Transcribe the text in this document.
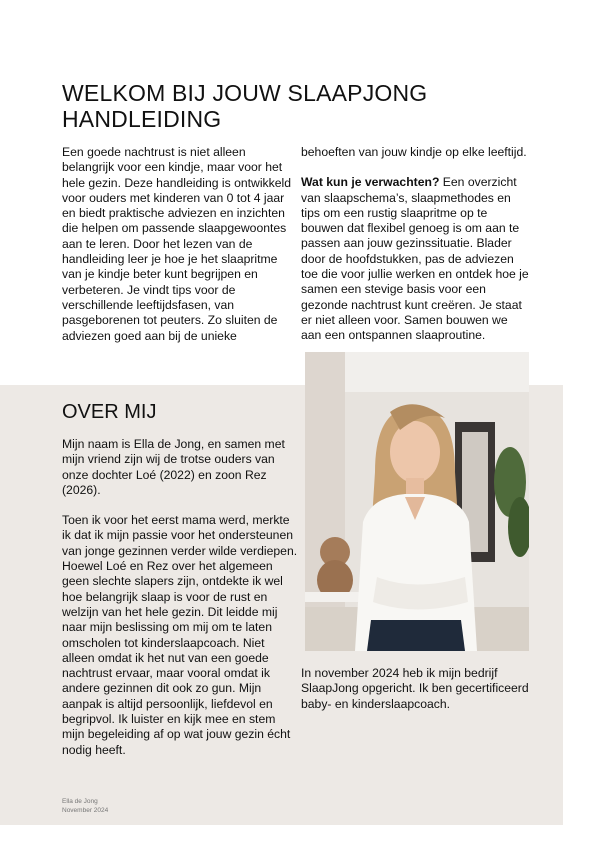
WELKOM BIJ JOUW SLAAPJONG
HANDLEIDING

Een goede nachtrust is niet alleen belangrijk voor een kindje, maar voor het hele gezin. Deze handleiding is ontwikkeld voor ouders met kinderen van 0 tot 4 jaar en biedt praktische adviezen en inzichten die helpen om passende slaapgewoontes aan te leren. Door het lezen van de handleiding leer je hoe je het slaapritme van je kindje beter kunt begrijpen en verbeteren. Je vindt tips voor de verschillende leeftijdsfasen, van pasgeborenen tot peuters. Zo sluiten de adviezen goed aan bij de unieke

behoeften van jouw kindje op elke leeftijd.

Wat kun je verwachten? Een overzicht van slaapschema’s, slaapmethodes en tips om een rustig slaapritme op te bouwen dat flexibel genoeg is om aan te passen aan jouw gezinssituatie. Blader door de hoofdstukken, pas de adviezen toe die voor jullie werken en ontdek hoe je samen een stevige basis voor een gezonde nachtrust kunt creëren. Je staat er niet alleen voor. Samen bouwen we aan een ontspannen slaaproutine.

OVER MIJ

Mijn naam is Ella de Jong, en samen met mijn vriend zijn wij de trotse ouders van onze dochter Loé (2022) en zoon Rez (2026).

Toen ik voor het eerst mama werd, merkte ik dat ik mijn passie voor het ondersteunen van jonge gezinnen verder wilde verdiepen. Hoewel Loé en Rez over het algemeen geen slechte slapers zijn, ontdekte ik wel hoe belangrijk slaap is voor de rust en welzijn van het hele gezin. Dit leidde mij naar mijn beslissing om mij om te laten omscholen tot kinderslaapcoach. Niet alleen omdat ik het nut van een goede nachtrust ervaar, maar vooral omdat ik andere gezinnen dit ook zo gun. Mijn aanpak is altijd persoonlijk, liefdevol en begripvol. Ik luister en kijk mee en stem mijn begeleiding af op wat jouw gezin écht nodig heeft.

In november 2024 heb ik mijn bedrijf SlaapJong opgericht. Ik ben gecertificeerd baby- en kinderslaapcoach.

Ella de Jong
November 2024
